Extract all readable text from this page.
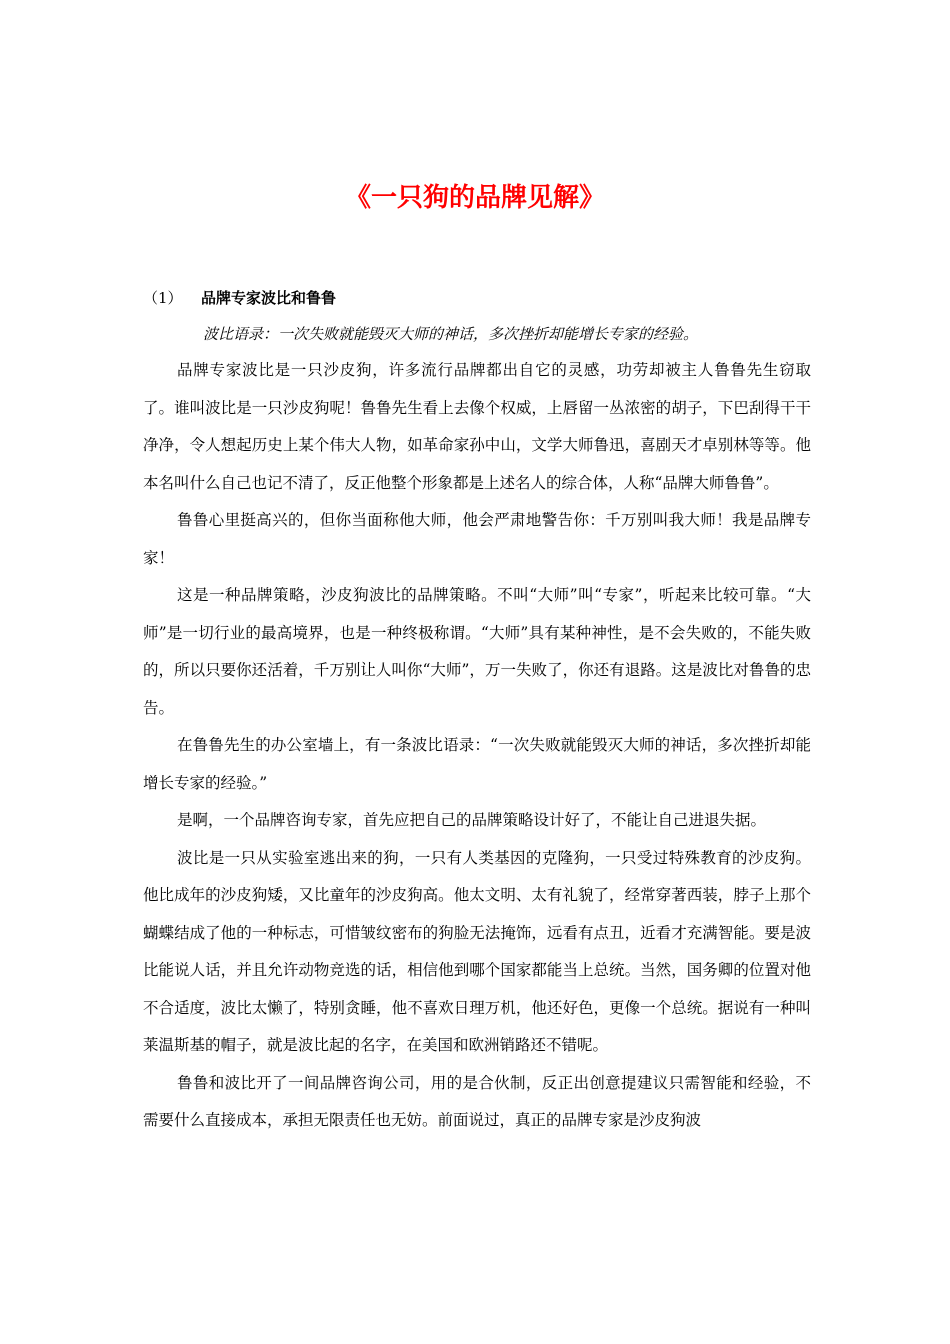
《一只狗的品牌见解》

（1） 品牌专家波比和鲁鲁

波比语录：一次失败就能毁灭大师的神话，多次挫折却能增长专家的经验。

品牌专家波比是一只沙皮狗，许多流行品牌都出自它的灵感，功劳却被主人鲁鲁先生窃取了。谁叫波比是一只沙皮狗呢！鲁鲁先生看上去像个权威，上唇留一丛浓密的胡子，下巴刮得干干净净，令人想起历史上某个伟大人物，如革命家孙中山，文学大师鲁迅，喜剧天才卓别林等等。他本名叫什么自己也记不清了，反正他整个形象都是上述名人的综合体，人称“品牌大师鲁鲁”。

鲁鲁心里挺高兴的，但你当面称他大师，他会严肃地警告你：千万别叫我大师！我是品牌专家！

这是一种品牌策略，沙皮狗波比的品牌策略。不叫“大师”叫“专家”，听起来比较可靠。“大师”是一切行业的最高境界，也是一种终极称谓。“大师”具有某种神性，是不会失败的，不能失败的，所以只要你还活着，千万别让人叫你“大师”，万一失败了，你还有退路。这是波比对鲁鲁的忠告。

在鲁鲁先生的办公室墙上，有一条波比语录：“一次失败就能毁灭大师的神话，多次挫折却能增长专家的经验。”

是啊，一个品牌咨询专家，首先应把自己的品牌策略设计好了，不能让自己进退失据。

波比是一只从实验室逃出来的狗，一只有人类基因的克隆狗，一只受过特殊教育的沙皮狗。他比成年的沙皮狗矮，又比童年的沙皮狗高。他太文明、太有礼貌了，经常穿著西装，脖子上那个蝴蝶结成了他的一种标志，可惜皱纹密布的狗脸无法掩饰，远看有点丑，近看才充满智能。要是波比能说人话，并且允许动物竞选的话，相信他到哪个国家都能当上总统。当然，国务卿的位置对他不合适度，波比太懒了，特别贪睡，他不喜欢日理万机，他还好色，更像一个总统。据说有一种叫莱温斯基的帽子，就是波比起的名字，在美国和欧洲销路还不错呢。

鲁鲁和波比开了一间品牌咨询公司，用的是合伙制，反正出创意提建议只需智能和经验，不需要什么直接成本，承担无限责任也无妨。前面说过，真正的品牌专家是沙皮狗波
